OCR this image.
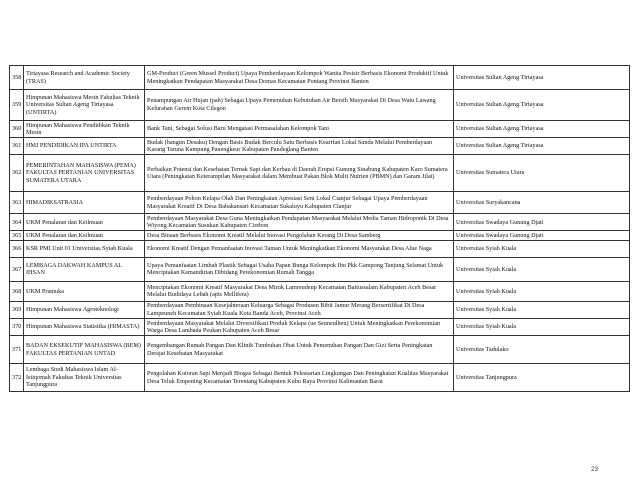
358	Tirtayasa Research and Academic Society (TRAS)	GM-Product (Green Mussel Product) Upaya Pemberdayaan Kelompok Wanita Pesisir Berbasis Ekonomi Produktif Untuk Meningkatkan Pendapatan Masyarakat Desa Domas Kecamatan Pontang Provinsi Banten	Universitas Sultan Ageng Tirtayasa
359	Himpunan Mahasiswa Mesin Fakultas Teknik Universitas Sultan Ageng Tirtayasa (UNTIRTA)	Penampungan Air Hujan (pah) Sebagai Upaya Pemenuhan Kebutuhan Air Bersih Masyarakat Di Desa Watu Lawang Kelurahan Gerem Kota Cilegon	Universitas Sultan Ageng Tirtayasa
360	Himpunan Mahasiswa Pendidikan Teknik Mesin	Bank Tani, Sebagai Solusi Baru Mengatasi Permasalahan Kelompok Tani	Universitas Sultan Ageng Tirtayasa
361	HMJ PENDIDIKAN IPA UNTIRTA	Budak (bangun Desaku) Dengan Basis Budak Berculu Satu Berbasis Kearifan Lokal Sunda Melalui Pemberdayaan Karang Taruna Kampung Panengkeur Kabupaten Pandeglang Banten	Universitas Sultan Ageng Tirtayasa
362	PEMERINTAHAN MAHASISWA (PEMA) FAKULTAS PERTANIAN UNIVERSITAS SUMATERA UTARA	Perbaikan Potensi dan Kesehatan Ternak Sapi dan Kerbau di Daerah Erupsi Gunung Sinabung Kabupaten Karo Sumatera Utara (Peningkatan Keterampilan Masyarakat dalam Membuat Pakan Blok Multi Nutrien (PBMN) dan Garam Jilat)	Universitas Sumatera Utara
363	HIMADIKSATRASIA	Pemberdayaan Pohon Kelapa Olah Dan Peningkatan Apresiasi Seni Lokal Cianjur Sebagai Upaya Pemberdayaan Masyarakat Kreatif Di Desa Babakansari Kecamatan Sukaluyu Kabupaten Cianjur	Universitas Suryakancana
364	UKM Penalaran dan Keilmuan	Pemberdayaan Masyarakat Desa Guna Meningkatkan Pendapatan Masyarakat Melalui Media Taman Hidroponik Di Desa Wiyong Kecamatan Susukan Kabupaten Cirebon	Universitas Swadaya Gunung Djati
365	UKM Penalaran dan Keilmuan	Desa Binaan Berbasis Ekonomi Kreatif Melalui Inovasi Pengolahan Kerang Di Desa Samberg	Universitas Swadaya Gunung Djati
366	KSR PMI Unit 01 Universitas Syiah Kuala	Ekonomi Kreatif Dengan Pemanfaatan Inovasi Taman Untuk Meningkatkan Ekonomi Masyarakat Desa Alue Naga	Universitas Syiah Kuala
367	LEMBAGA DAKWAH KAMPUS AL IHSAN	Upaya Pemanfaatan Limbah Plastik Sebagai Usaha Papan Bunga Kelompok Ibu Pkk Gampong Tanjung Selamat Untuk Menciptakan Kemandirian Dibidang Perekonomian Rumah Tangga	Universitas Syiah Kuala
368	UKM Pramuka	Menciptakan Ekonomi Kreatif Masyarakat Desa Miruk Lamreudeup Kecamatan Baitussalam Kabupaten Aceh Besar Melalui Budidaya Lebah (apis Mellifera)	Universitas Syiah Kuala
369	Himpunan Mahasiswa Agroteknologi	Pemberdayaan Pembinaan Kesejahteraan Keluarga Sebagai Produsen Bibit Jamur Merang Bersertifikat Di Desa Lampeuneh Kecamatan Syiah Kuala Kota Banda Aceh, Provinsi Aceh	Universitas Syiah Kuala
370	Himpunan Mahasiswa Statistika (HIMASTA)	Pemberdayaan Masyarakat Melalui Diversifikasi Produk Kelapa (ue Seuneulheu) Untuk Meningkatkan Perekonomian Warga Desa Lambada Peukan Kabupaten Aceh Besar	Universitas Syiah Kuala
371	BADAN EKSEKUTIF MAHASISWA (BEM) FAKULTAS PERTANIAN UNTAD	Pengembangan Rumah Pangan Dan Klinik Tumbuhan Obat Untuk Pemenuhan Pangan Dan Gizi Serta Peningkatan Derajat Kesehatan Masyarakat	Universitas Tadulako
372	Lembaga Studi Mahasiswa Islam Al-Istiqomah Fakultas Teknik Universitas Tanjungpura	Pengolahan Kotoran Sapi Menjadi Biogas Sebagai Bentuk Pelestarian Lingkungan Dan Peningkatan Kualitas Masyarakat Desa Teluk Empening Kecamatan Terentang Kabupaten Kubu Raya Provinsi Kalimantan Barat	Universitas Tanjungpura
23
